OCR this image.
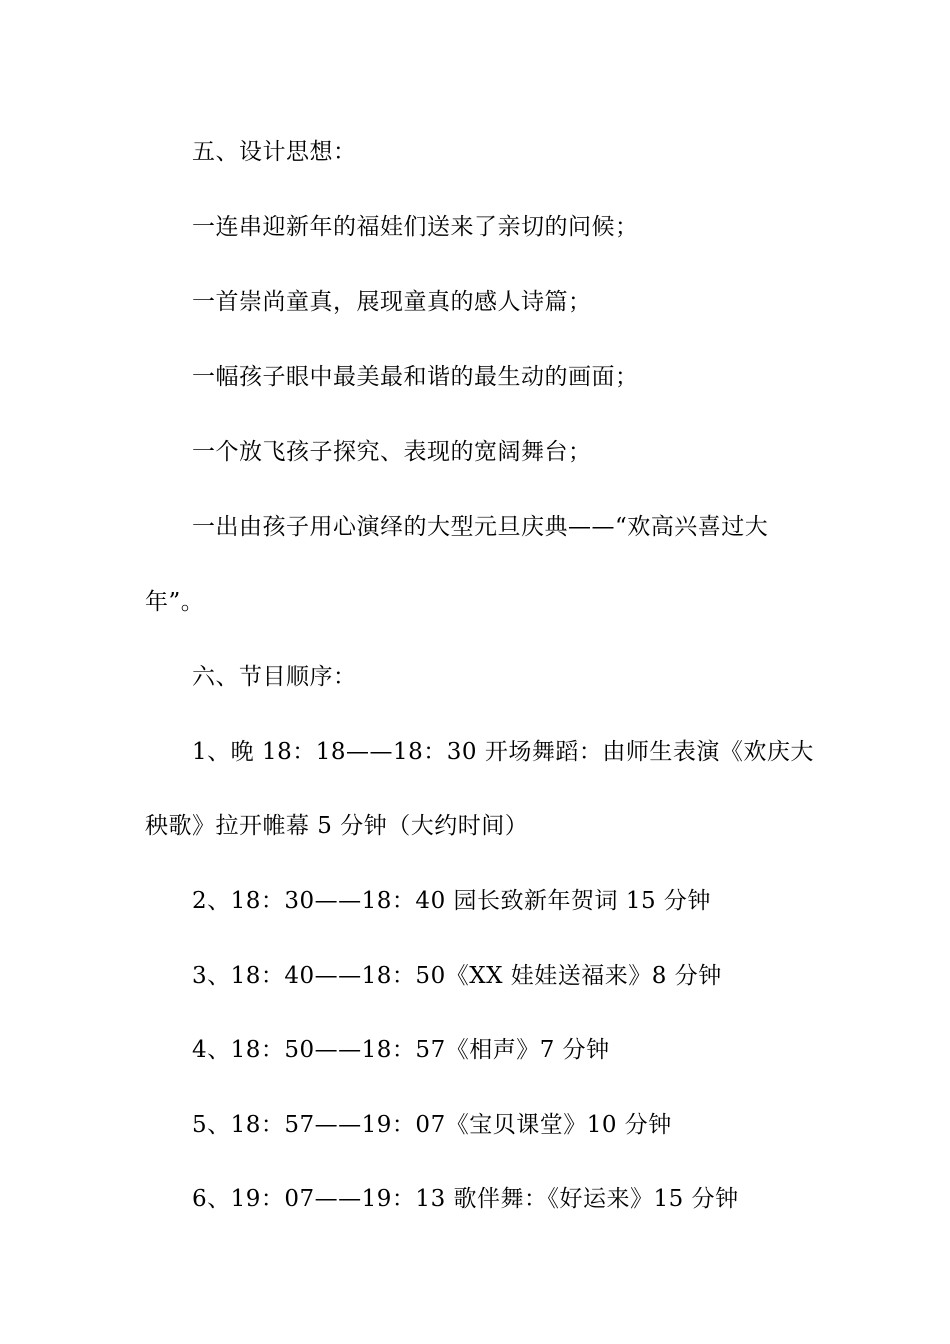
五、设计思想：
一连串迎新年的福娃们送来了亲切的问候；
一首崇尚童真，展现童真的感人诗篇；
一幅孩子眼中最美最和谐的最生动的画面；
一个放飞孩子探究、表现的宽阔舞台；
一出由孩子用心演绎的大型元旦庆典——“欢高兴喜过大
年”。
六、节目顺序：
1、晚 18：18——18：30 开场舞蹈：由师生表演《欢庆大
秧歌》拉开帷幕 5 分钟（大约时间）
2、18：30——18：40 园长致新年贺词 15 分钟
3、18：40——18：50《XX 娃娃送福来》8 分钟
4、18：50——18：57《相声》7 分钟
5、18：57——19：07《宝贝课堂》10 分钟
6、19：07——19：13 歌伴舞：《好运来》15 分钟
